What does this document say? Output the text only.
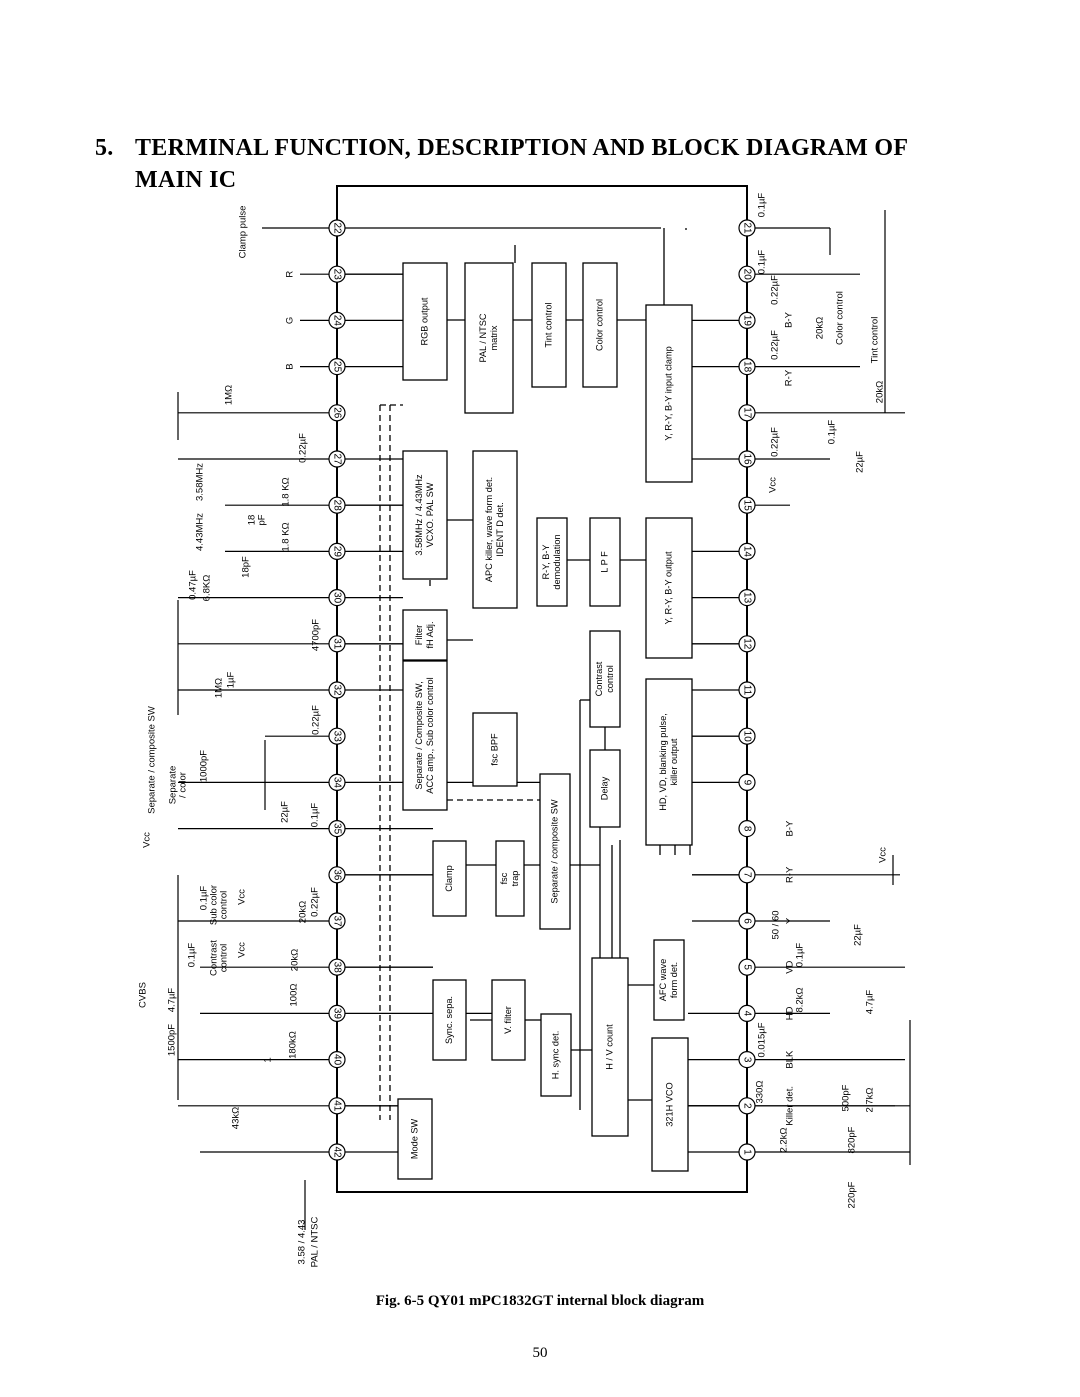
5. TERMINAL FUNCTION, DESCRIPTION AND BLOCK DIAGRAM OF
MAIN IC
22
23
24
25
26
27
28
29
30
31
32
33
34
35
36
37
38
39
40
41
42
21
20
19
18
17
16
15
14
13
12
11
10
9
8
7
6
5
4
3
2
1
RGB output	PAL / NTSC matrix	Tint control	Color control
Y, R-Y, B-Y input clamp
3.58MHz / 4.43MHz VCXO. PAL SW	APC killer, wave form det. IDENT D det.
R-Y, B-Y demodulation	L P F	Y, R-Y, B-Y output
Filter fH Adj.
Separate / Composite SW, ACC amp., Sub color control	Contrast control
HD, VD, blanking pulse, killer output
fsc BPF
Delay
Separate / composite SW
Clamp	fsc trap
Sync. sepa.	V. filter
H. sync det.	H / V count
AFC wave form det.
321H VCO
Mode SW
1MΩ
0.22µF
3.58MHz
4.43MHz
1.8 KΩ
1.8 KΩ
18 pF
18pF
0.47µF 6.8KΩ
4700pF
1MΩ 1µF
0.22µF
Separate / composite SW	1000pF
Separate / color
Vcc
22µF 0.1µF
0.1µF
Contrast control
Sub color control
0.1µF
Vcc
Vcc
20kΩ 0.22µF
20kΩ
CVBS
1500pF
4.7µF	100Ω
180kΩ
1
43kΩ
3.58 / 4.43 PAL / NTSC
Clamp pulse
R
G
B
0.1µF
0.1µF
0.22µF
0.22µF
B-Y
R-Y
20kΩ Color control	Tint control
20kΩ
0.1µF
0.22µF
Vcc
22µF
Vcc
50 / 60	22µF
0.1µF
8.2kΩ	4.7µF
0.015µF
330Ω	500pF 2.7kΩ
2.2kΩ	820pF
220pF
B-Y
R-Y
Y
VD
HD
BLK
Killer det.
Fig. 6-5 QY01 mPC1832GT internal block diagram
50
